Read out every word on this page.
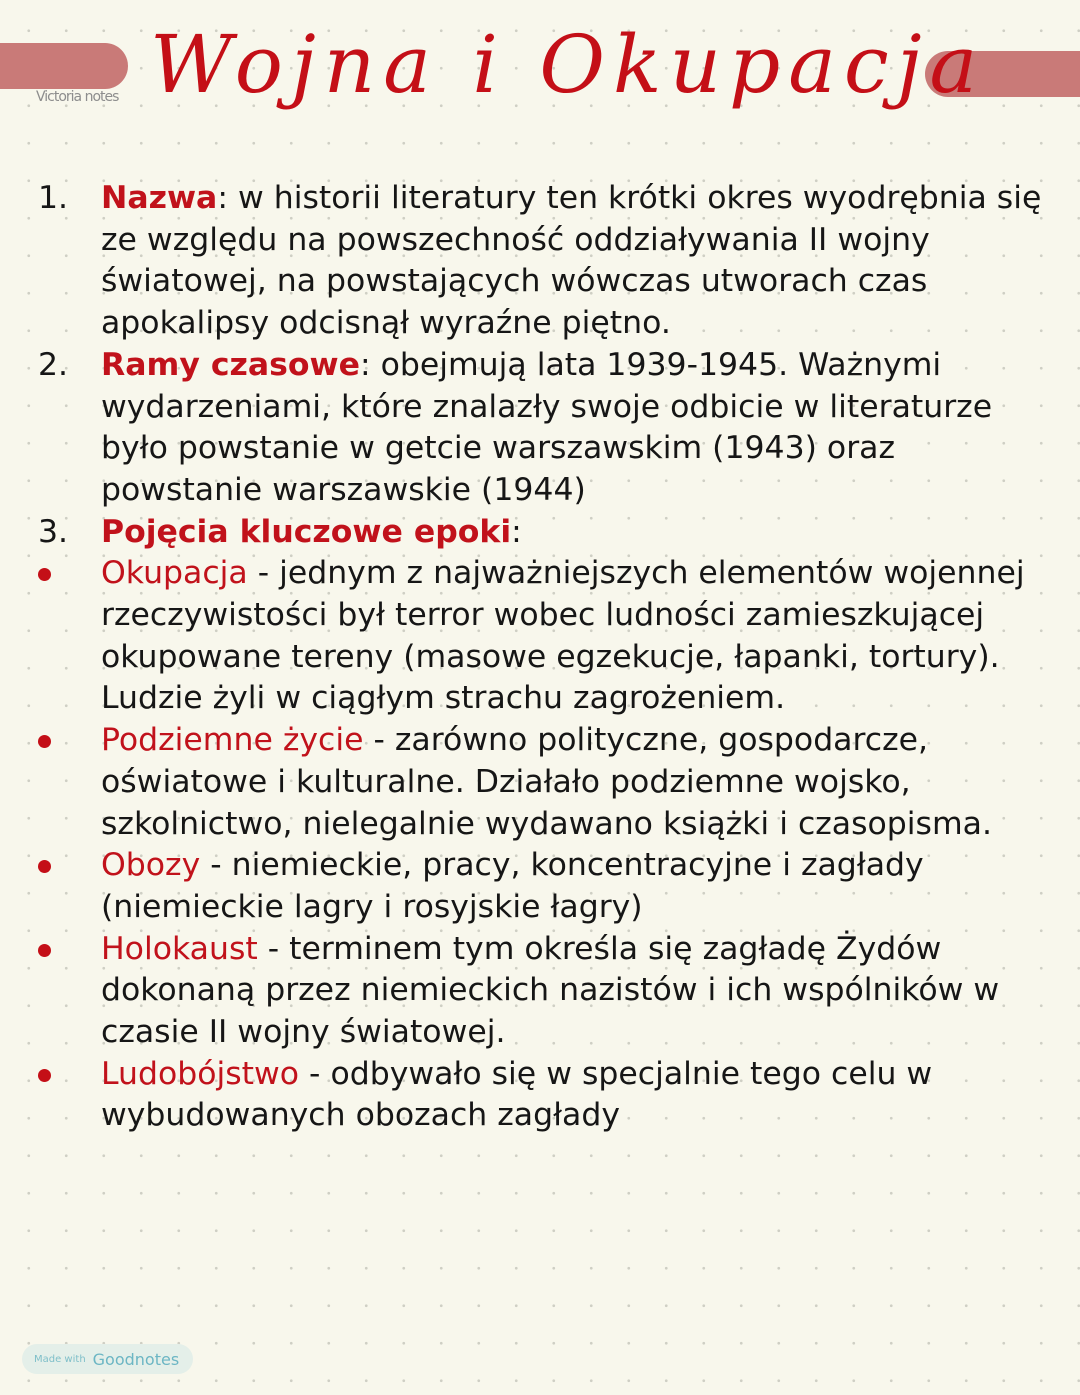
Victoria notes Wojna i Okupacja
1. Nazwa: w historii literatury ten krótki okres wyodrębnia się ze względu na powszechność oddziaływania II wojny światowej, na powstających wówczas utworach czas apokalipsy odcisnął wyraźne piętno.
2. Ramy czasowe: obejmują lata 1939-1945. Ważnymi wydarzeniami, które znalazły swoje odbicie w literaturze było powstanie w getcie warszawskim (1943) oraz powstanie warszawskie (1944)
3. Pojęcia kluczowe epoki:
Okupacja - jednym z najważniejszych elementów wojennej rzeczywistości był terror wobec ludności zamieszkującej okupowane tereny (masowe egzekucje, łapanki, tortury). Ludzie żyli w ciągłym strachu zagrożeniem.
Podziemne życie - zarówno polityczne, gospodarcze, oświatowe i kulturalne. Działało podziemne wojsko, szkolnictwo, nielegalnie wydawano książki i czasopisma.
Obozy - niemieckie, pracy, koncentracyjne i zagłady (niemieckie lagry i rosyjskie łagry)
Holokaust - terminem tym określa się zagładę Żydów dokonaną przez niemieckich nazistów i ich wspólników w czasie II wojny światowej.
Ludobójstwo - odbywało się w specjalnie tego celu w wybudowanych obozach zagłady
Made with Goodnotes
